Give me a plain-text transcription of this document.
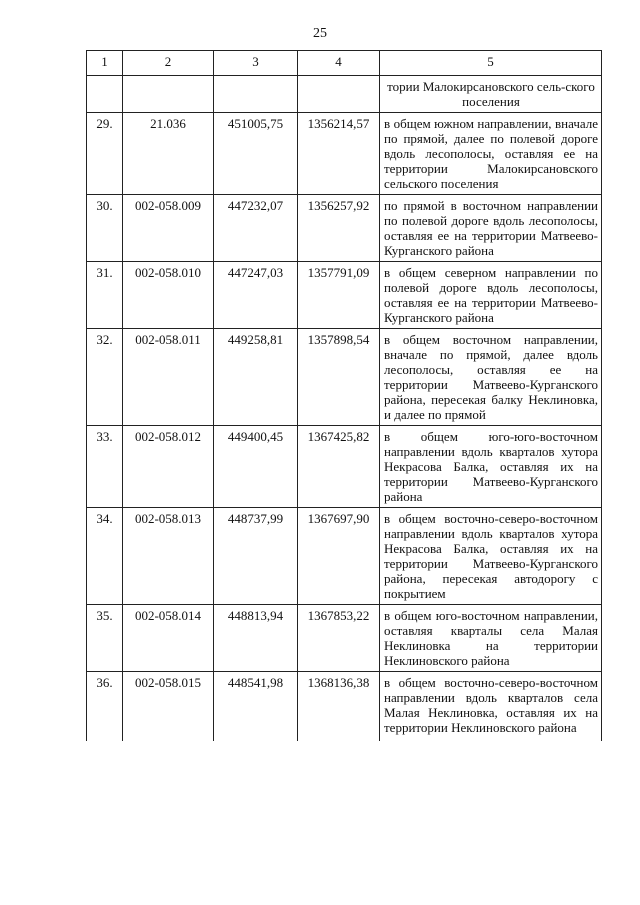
25
1	2	3	4	5
				тории Малокирсановского сель-ского поселения
29.	21.036	451005,75	1356214,57	в общем южном направлении, вначале по прямой, далее по полевой дороге вдоль лесополосы, оставляя ее на территории Малокирсановского сельского поселения
30.	002-058.009	447232,07	1356257,92	по прямой в восточном направлении по полевой дороге вдоль лесополосы, оставляя ее на территории Матвеево-Курганского района
31.	002-058.010	447247,03	1357791,09	в общем северном направлении по полевой дороге вдоль лесополосы, оставляя ее на территории Матвеево-Курганского района
32.	002-058.011	449258,81	1357898,54	в общем восточном направлении, вначале по прямой, далее вдоль лесополосы, оставляя ее на территории Матвеево-Курганского района, пересекая балку Неклиновка, и далее по прямой
33.	002-058.012	449400,45	1367425,82	в общем юго-юго-восточном направлении вдоль кварталов хутора Некрасова Балка, оставляя их на территории Матвеево-Курганского района
34.	002-058.013	448737,99	1367697,90	в общем восточно-северо-восточном направлении вдоль кварталов хутора Некрасова Балка, оставляя их на территории Матвеево-Курганского района, пересекая автодорогу с покрытием
35.	002-058.014	448813,94	1367853,22	в общем юго-восточном направлении, оставляя кварталы села Малая Неклиновка на территории Неклиновского района
36.	002-058.015	448541,98	1368136,38	в общем восточно-северо-восточном направлении вдоль кварталов села Малая Неклиновка, оставляя их на территории Неклиновского района
